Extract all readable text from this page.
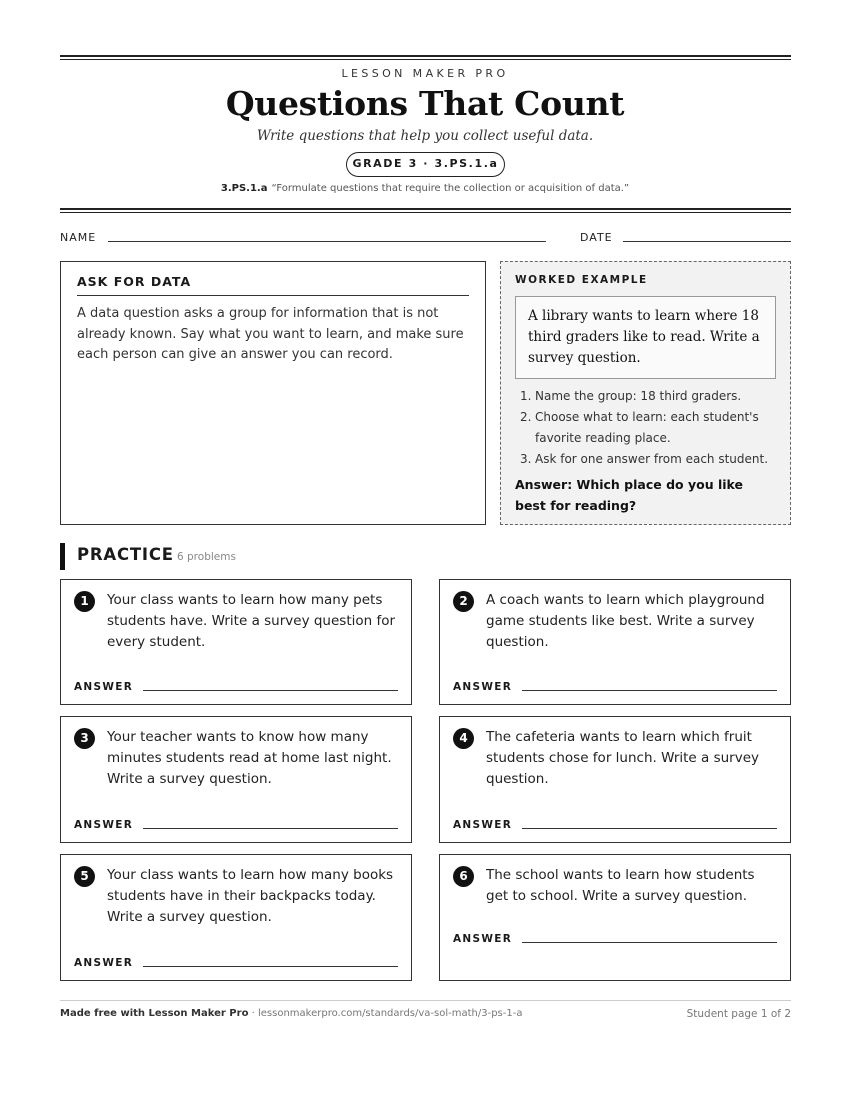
LESSON MAKER PRO
Questions That Count
Write questions that help you collect useful data.
GRADE 3 · 3.PS.1.a
3.PS.1.a “Formulate questions that require the collection or acquisition of data.”
NAME	DATE
ASK FOR DATA

A data question asks a group for information that is not already known. Say what you want to learn, and make sure each person can give an answer you can record.

WORKED EXAMPLE
A library wants to learn where 18 third graders like to read. Write a survey question.
1. Name the group: 18 third graders.
2. Choose what to learn: each student's favorite reading place.
3. Ask for one answer from each student.
Answer: Which place do you like best for reading?
PRACTICE 6 problems
1	Your class wants to learn how many pets students have. Write a survey question for every student.

ANSWER
2	A coach wants to learn which playground game students like best. Write a survey question.

ANSWER
3	Your teacher wants to know how many minutes students read at home last night. Write a survey question.

ANSWER
4	The cafeteria wants to learn which fruit students chose for lunch. Write a survey question.

ANSWER
5	Your class wants to learn how many books students have in their backpacks today. Write a survey question.

ANSWER
6	The school wants to learn how students get to school. Write a survey question.

ANSWER
Made free with Lesson Maker Pro · lessonmakerpro.com/standards/va-sol-math/3-ps-1-a	Student page 1 of 2
